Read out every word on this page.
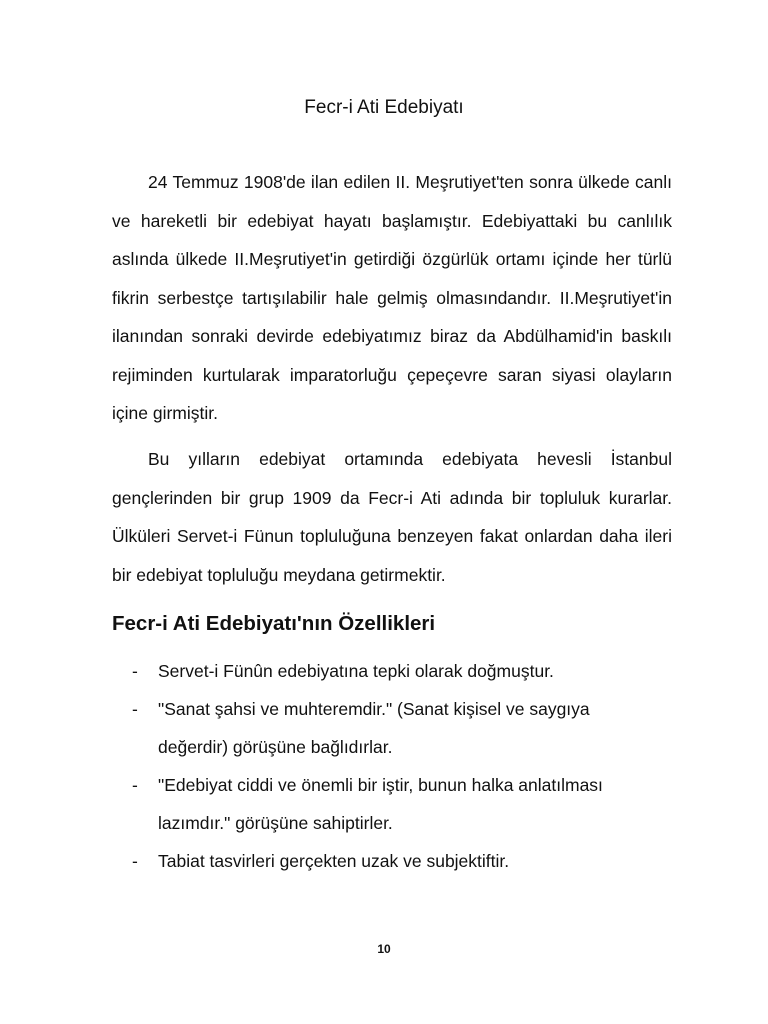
Fecr-i Ati Edebiyatı

24 Temmuz 1908'de ilan edilen II. Meşrutiyet'ten sonra ülkede canlı ve hareketli bir edebiyat hayatı başlamıştır. Edebiyattaki bu canlılık aslında ülkede II.Meşrutiyet'in getirdiği özgürlük ortamı içinde her türlü fikrin serbestçe tartışılabilir hale gelmiş olmasındandır. II.Meşrutiyet'in ilanından sonraki devirde edebiyatımız biraz da Abdülhamid'in baskılı rejiminden kurtularak imparatorluğu çepeçevre saran siyasi olayların içine girmiştir.

Bu yılların edebiyat ortamında edebiyata hevesli İstanbul gençlerinden bir grup 1909 da Fecr-i Ati adında bir topluluk kurarlar. Ülküleri Servet-i Fünun topluluğuna benzeyen fakat onlardan daha ileri bir edebiyat topluluğu meydana getirmektir.

Fecr-i Ati Edebiyatı'nın Özellikleri
- Servet-i Fünûn edebiyatına tepki olarak doğmuştur.
- "Sanat şahsi ve muhteremdir." (Sanat kişisel ve saygıya değerdir) görüşüne bağlıdırlar.
- "Edebiyat ciddi ve önemli bir iştir, bunun halka anlatılması lazımdır." görüşüne sahiptirler.
- Tabiat tasvirleri gerçekten uzak ve subjektiftir.
10
